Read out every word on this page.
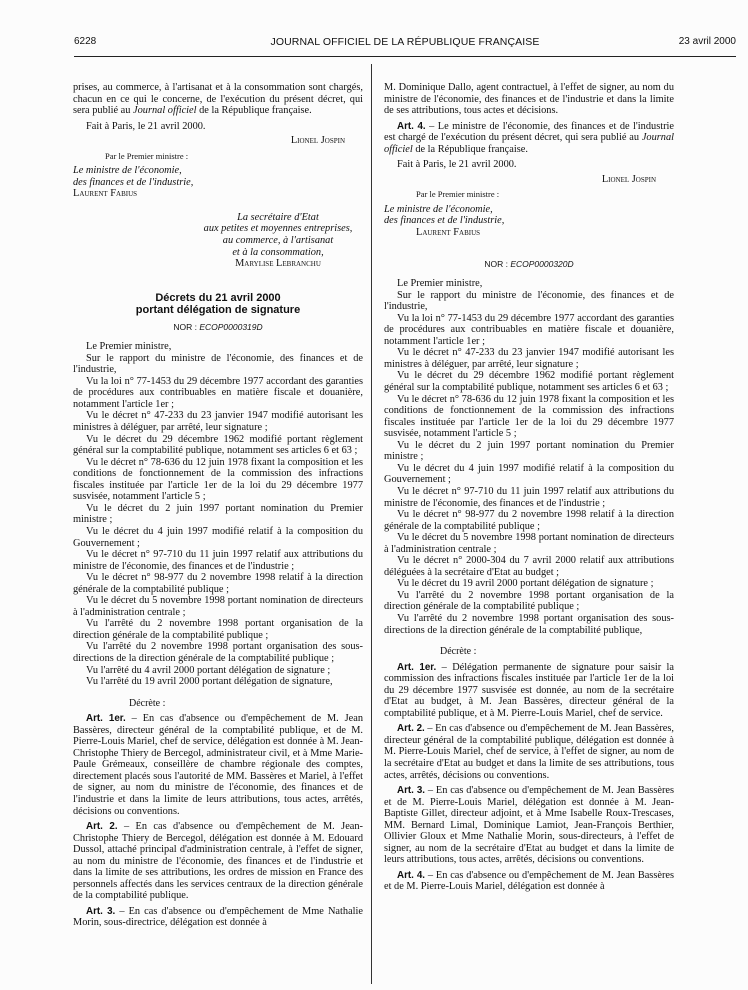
6228	JOURNAL OFFICIEL DE LA RÉPUBLIQUE FRANÇAISE	23 avril 2000

prises, au commerce, à l'artisanat et à la consommation sont chargés, chacun en ce qui le concerne, de l'exécution du présent décret, qui sera publié au Journal officiel de la République française.

Fait à Paris, le 21 avril 2000.

Lionel Jospin

Par le Premier ministre :

Le ministre de l'économie,
des finances et de l'industrie,
Laurent Fabius
La secrétaire d'Etat
aux petites et moyennes entreprises,
au commerce, à l'artisanat
et à la consommation,
Marylise Lebranchu
Décrets du 21 avril 2000
portant délégation de signature
NOR : ECOP0000319D

Le Premier ministre,

Sur le rapport du ministre de l'économie, des finances et de l'industrie,

Vu la loi n° 77-1453 du 29 décembre 1977 accordant des garanties de procédures aux contribuables en matière fiscale et douanière, notamment l'article 1er ;

Vu le décret n° 47-233 du 23 janvier 1947 modifié autorisant les ministres à déléguer, par arrêté, leur signature ;

Vu le décret du 29 décembre 1962 modifié portant règlement général sur la comptabilité publique, notamment ses articles 6 et 63 ;

Vu le décret n° 78-636 du 12 juin 1978 fixant la composition et les conditions de fonctionnement de la commission des infractions fiscales instituée par l'article 1er de la loi du 29 décembre 1977 susvisée, notamment l'article 5 ;

Vu le décret du 2 juin 1997 portant nomination du Premier ministre ;

Vu le décret du 4 juin 1997 modifié relatif à la composition du Gouvernement ;

Vu le décret n° 97-710 du 11 juin 1997 relatif aux attributions du ministre de l'économie, des finances et de l'industrie ;

Vu le décret n° 98-977 du 2 novembre 1998 relatif à la direction générale de la comptabilité publique ;

Vu le décret du 5 novembre 1998 portant nomination de directeurs à l'administration centrale ;

Vu l'arrêté du 2 novembre 1998 portant organisation de la direction générale de la comptabilité publique ;

Vu l'arrêté du 2 novembre 1998 portant organisation des sous-directions de la direction générale de la comptabilité publique ;

Vu l'arrêté du 4 avril 2000 portant délégation de signature ;

Vu l'arrêté du 19 avril 2000 portant délégation de signature,

Décrète :

Art. 1er. – En cas d'absence ou d'empêchement de M. Jean Bassères, directeur général de la comptabilité publique, et de M. Pierre-Louis Mariel, chef de service, délégation est donnée à M. Jean-Christophe Thiery de Bercegol, administrateur civil, et à Mme Marie-Paule Grémeaux, conseillère de chambre régionale des comptes, directement placés sous l'autorité de MM. Bassères et Mariel, à l'effet de signer, au nom du ministre de l'économie, des finances et de l'industrie et dans la limite de leurs attributions, tous actes, arrêtés, décisions ou conventions.

Art. 2. – En cas d'absence ou d'empêchement de M. Jean-Christophe Thiery de Bercegol, délégation est donnée à M. Edouard Dussol, attaché principal d'administration centrale, à l'effet de signer, au nom du ministre de l'économie, des finances et de l'industrie et dans la limite de ses attributions, les ordres de mission en France des personnels affectés dans les services centraux de la direction générale de la comptabilité publique.

Art. 3. – En cas d'absence ou d'empêchement de Mme Nathalie Morin, sous-directrice, délégation est donnée à

M. Dominique Dallo, agent contractuel, à l'effet de signer, au nom du ministre de l'économie, des finances et de l'industrie et dans la limite de ses attributions, tous actes et décisions.

Art. 4. – Le ministre de l'économie, des finances et de l'industrie est chargé de l'exécution du présent décret, qui sera publié au Journal officiel de la République française.

Fait à Paris, le 21 avril 2000.

Lionel Jospin

Par le Premier ministre :

Le ministre de l'économie,
des finances et de l'industrie,
Laurent Fabius
NOR : ECOP0000320D

Le Premier ministre,

Sur le rapport du ministre de l'économie, des finances et de l'industrie,

Vu la loi n° 77-1453 du 29 décembre 1977 accordant des garanties de procédures aux contribuables en matière fiscale et douanière, notamment l'article 1er ;

Vu le décret n° 47-233 du 23 janvier 1947 modifié autorisant les ministres à déléguer, par arrêté, leur signature ;

Vu le décret du 29 décembre 1962 modifié portant règlement général sur la comptabilité publique, notamment ses articles 6 et 63 ;

Vu le décret n° 78-636 du 12 juin 1978 fixant la composition et les conditions de fonctionnement de la commission des infractions fiscales instituée par l'article 1er de la loi du 29 décembre 1977 susvisée, notamment l'article 5 ;

Vu le décret du 2 juin 1997 portant nomination du Premier ministre ;

Vu le décret du 4 juin 1997 modifié relatif à la composition du Gouvernement ;

Vu le décret n° 97-710 du 11 juin 1997 relatif aux attributions du ministre de l'économie, des finances et de l'industrie ;

Vu le décret n° 98-977 du 2 novembre 1998 relatif à la direction générale de la comptabilité publique ;

Vu le décret du 5 novembre 1998 portant nomination de directeurs à l'administration centrale ;

Vu le décret n° 2000-304 du 7 avril 2000 relatif aux attributions déléguées à la secrétaire d'Etat au budget ;

Vu le décret du 19 avril 2000 portant délégation de signature ;

Vu l'arrêté du 2 novembre 1998 portant organisation de la direction générale de la comptabilité publique ;

Vu l'arrêté du 2 novembre 1998 portant organisation des sous-directions de la direction générale de la comptabilité publique,

Décrète :

Art. 1er. – Délégation permanente de signature pour saisir la commission des infractions fiscales instituée par l'article 1er de la loi du 29 décembre 1977 susvisée est donnée, au nom de la secrétaire d'Etat au budget, à M. Jean Bassères, directeur général de la comptabilité publique, et à M. Pierre-Louis Mariel, chef de service.

Art. 2. – En cas d'absence ou d'empêchement de M. Jean Bassères, directeur général de la comptabilité publique, délégation est donnée à M. Pierre-Louis Mariel, chef de service, à l'effet de signer, au nom de la secrétaire d'Etat au budget et dans la limite de ses attributions, tous actes, arrêtés, décisions ou conventions.

Art. 3. – En cas d'absence ou d'empêchement de M. Jean Bassères et de M. Pierre-Louis Mariel, délégation est donnée à M. Jean-Baptiste Gillet, directeur adjoint, et à Mme Isabelle Roux-Trescases, MM. Bernard Limal, Dominique Lamiot, Jean-François Berthier, Ollivier Gloux et Mme Nathalie Morin, sous-directeurs, à l'effet de signer, au nom de la secrétaire d'Etat au budget et dans la limite de leurs attributions, tous actes, arrêtés, décisions ou conventions.

Art. 4. – En cas d'absence ou d'empêchement de M. Jean Bassères et de M. Pierre-Louis Mariel, délégation est donnée à
